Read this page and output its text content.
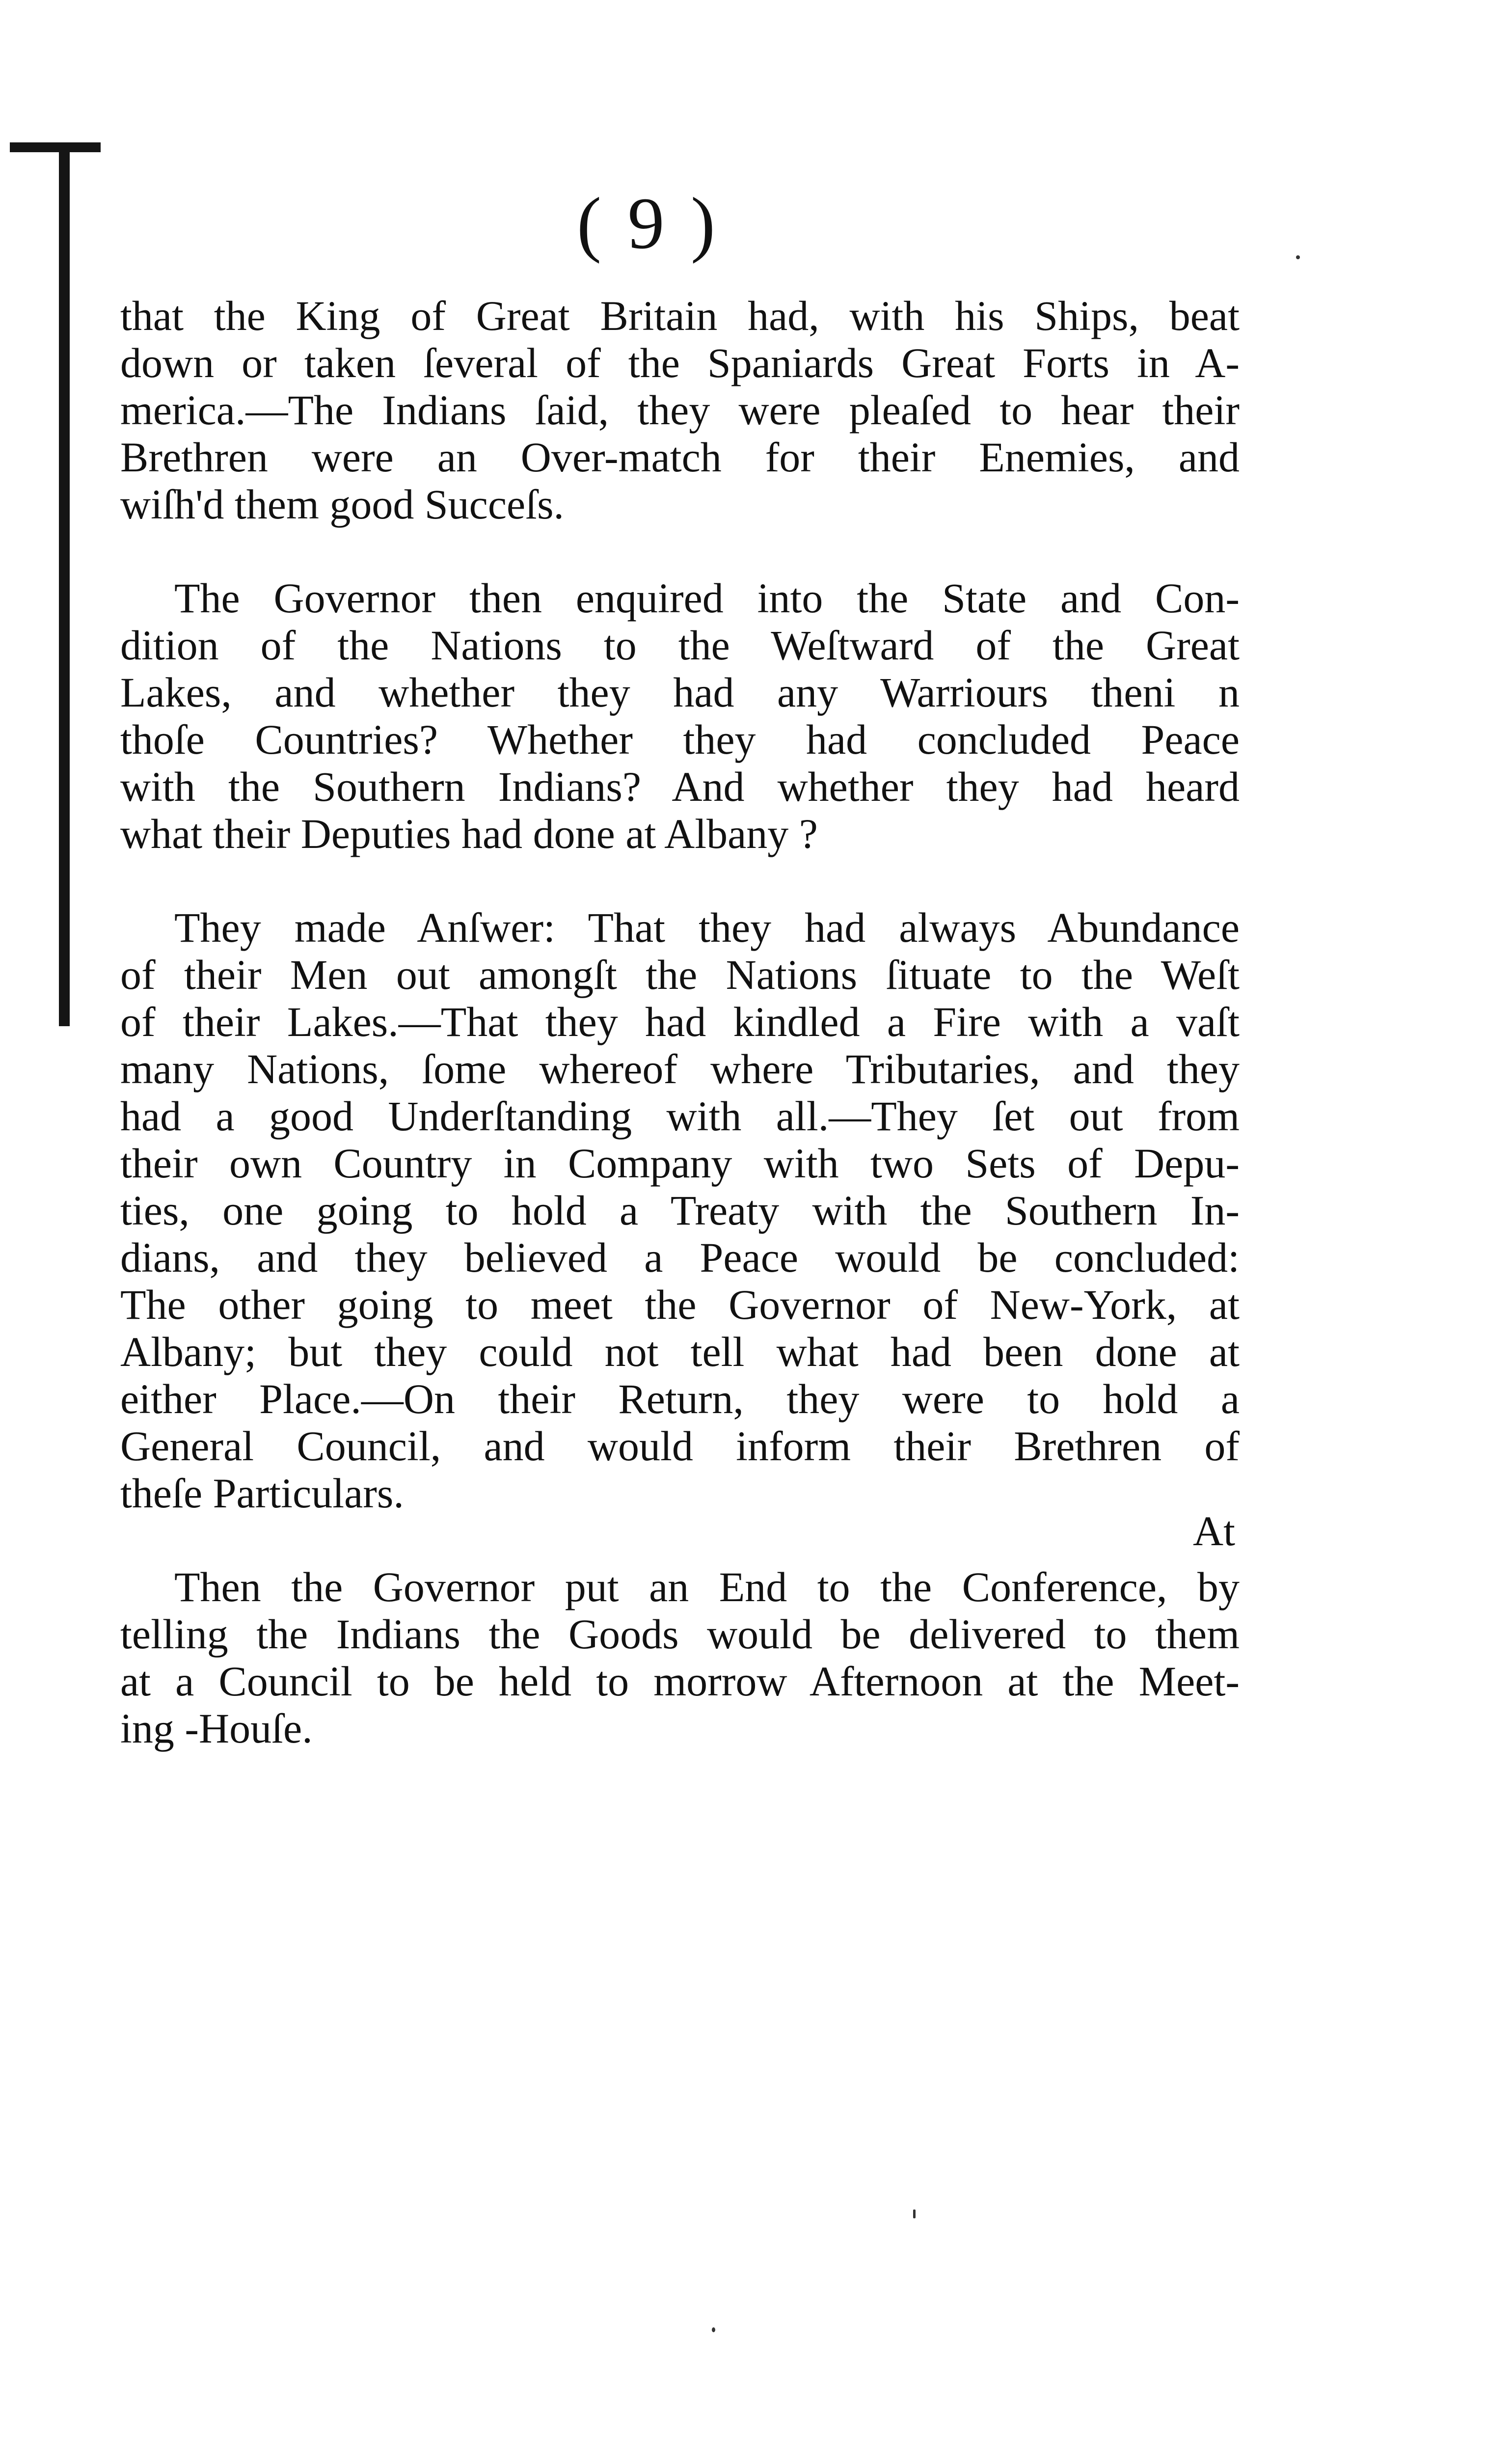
( 9 )
that the King of Great Britain had, with his Ships, beat
down or taken ſeveral of the Spaniards Great Forts in A-
merica.—The Indians ſaid, they were pleaſed to hear their
Brethren were an Over-match for their Enemies, and
wiſh'd them good Succeſs.
The Governor then enquired into the State and Con-
dition of the Nations to the Weſtward of the Great
Lakes, and whether they had any Warriours theni n
thoſe Countries? Whether they had concluded Peace
with the Southern Indians? And whether they had heard
what their Deputies had done at Albany ?
They made Anſwer: That they had always Abundance
of their Men out amongſt the Nations ſituate to the Weſt
of their Lakes.—That they had kindled a Fire with a vaſt
many Nations, ſome whereof where Tributaries, and they
had a good Underſtanding with all.—They ſet out from
their own Country in Company with two Sets of Depu-
ties, one going to hold a Treaty with the Southern In-
dians, and they believed a Peace would be concluded:
The other going to meet the Governor of New-York, at
Albany; but they could not tell what had been done at
either Place.—On their Return, they were to hold a
General Council, and would inform their Brethren of
theſe Particulars.
Then the Governor put an End to the Conference, by
telling the Indians the Goods would be delivered to them
at a Council to be held to morrow Afternoon at the Meet-
ing -Houſe.
At
